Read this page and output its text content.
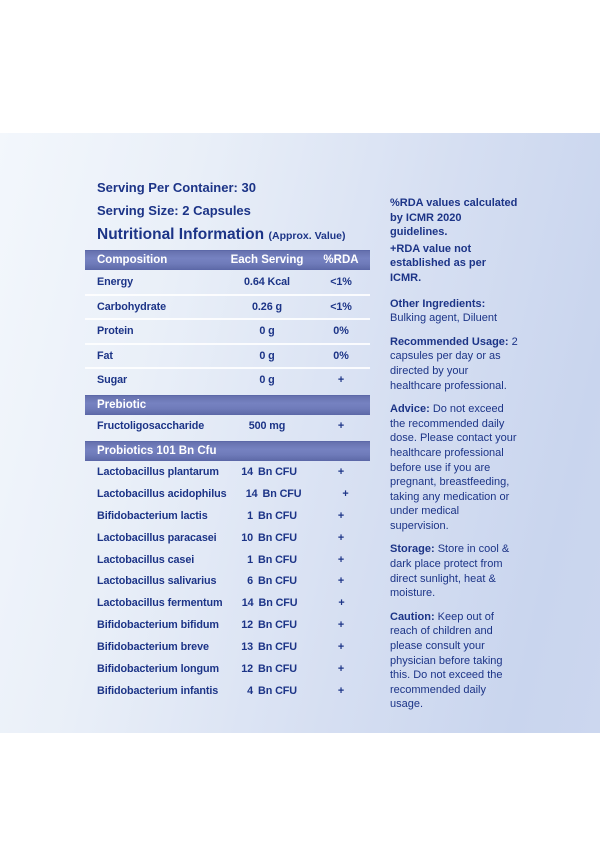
Serving Per Container: 30
Serving Size: 2 Capsules
Nutritional Information (Approx. Value)
Composition	Each Serving	%RDA
Energy	0.64 Kcal	<1%
Carbohydrate	0.26 g	<1%
Protein	0 g	0%
Fat	0 g	0%
Sugar	0 g	+
Prebiotic
Fructoligosaccharide	500 mg	+
Probiotics 101 Bn Cfu
Lactobacillus plantarum	14 Bn CFU	+
Lactobacillus acidophilus	14 Bn CFU	+
Bifidobacterium lactis	1 Bn CFU	+
Lactobacillus paracasei	10 Bn CFU	+
Lactobacillus casei	1 Bn CFU	+
Lactobacillus salivarius	6 Bn CFU	+
Lactobacillus fermentum	14 Bn CFU	+
Bifidobacterium bifidum	12 Bn CFU	+
Bifidobacterium breve	13 Bn CFU	+
Bifidobacterium longum	12 Bn CFU	+
Bifidobacterium infantis	4 Bn CFU	+

%RDA values calculated by ICMR 2020 guidelines.

+RDA value not established as per ICMR.

Other Ingredients: Bulking agent, Diluent

Recommended Usage: 2 capsules per day or as directed by your healthcare professional.

Advice: Do not exceed the recommended daily dose. Please contact your healthcare professional before use if you are pregnant, breastfeeding, taking any medication or under medical supervision.

Storage: Store in cool & dark place protect from direct sunlight, heat & moisture.

Caution: Keep out of reach of children and please consult your physician before taking this. Do not exceed the recommended daily usage.
